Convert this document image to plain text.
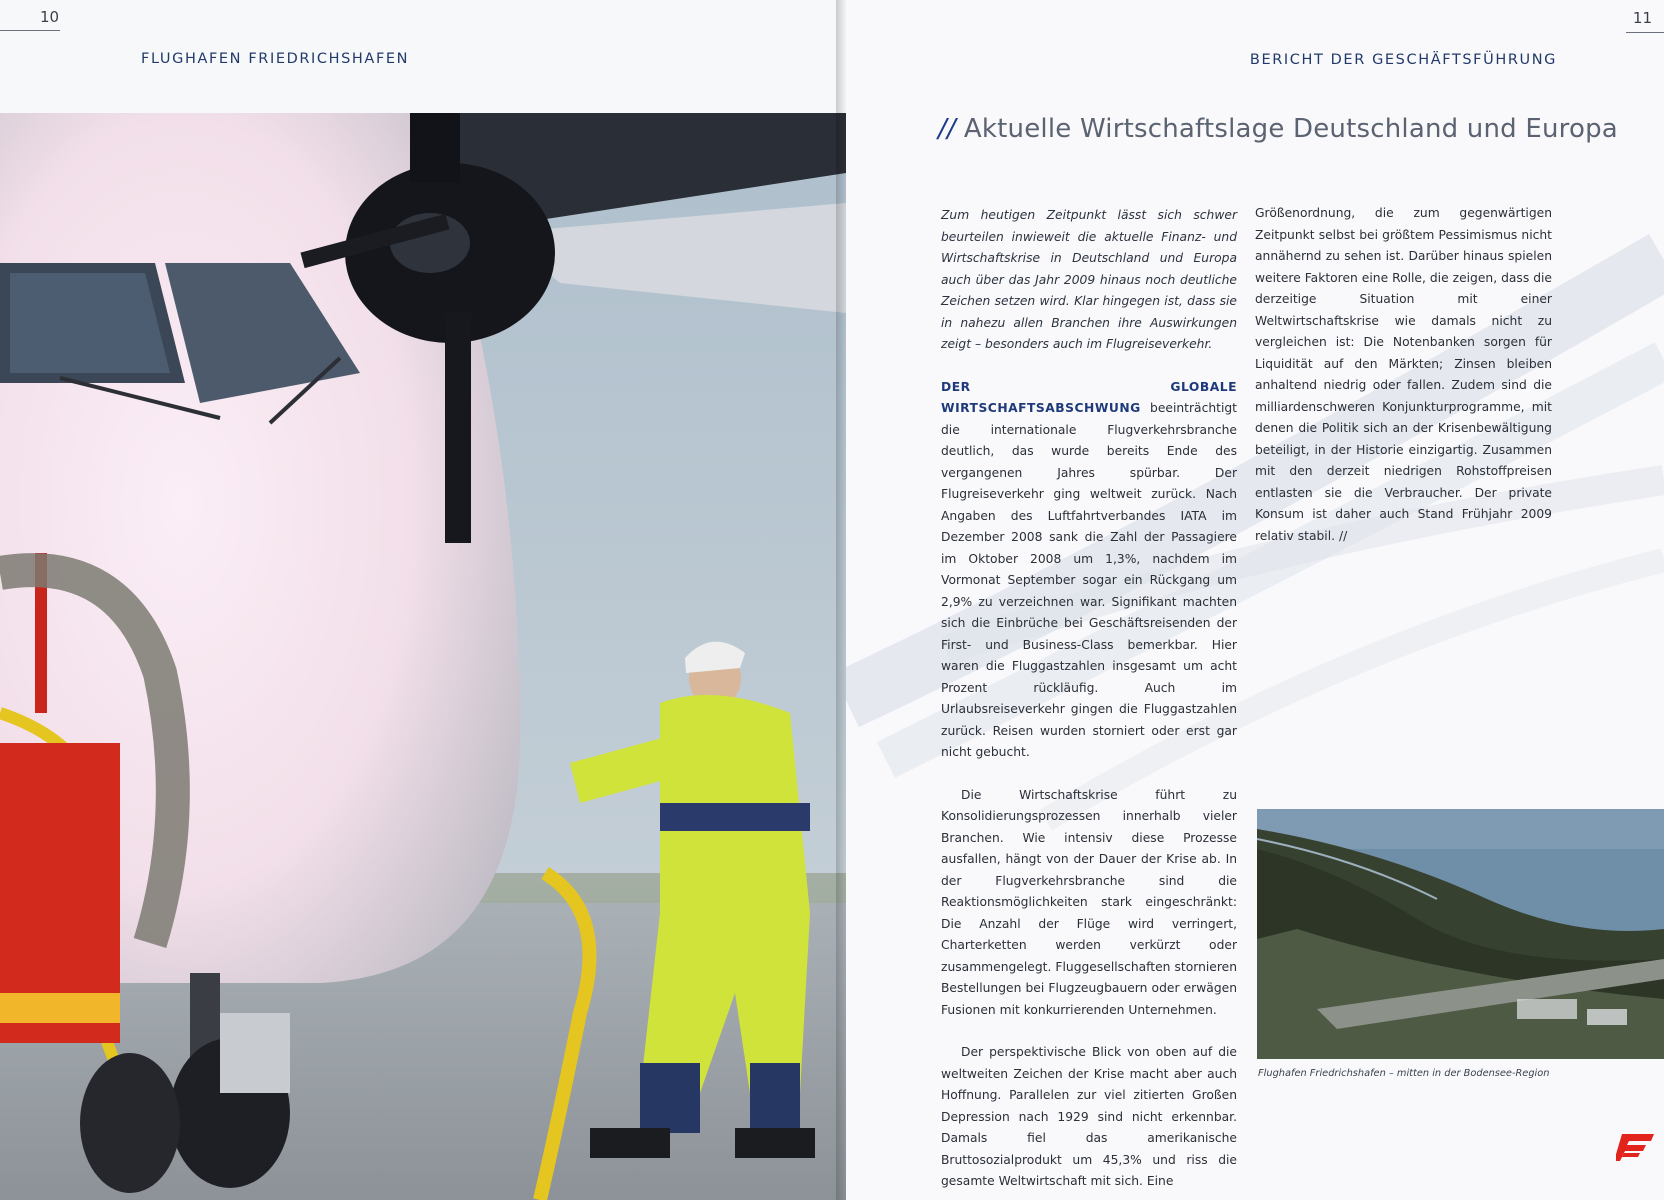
10
FLUGHAFEN FRIEDRICHSHAFEN
11
BERICHT DER GESCHÄFTSFÜHRUNG
// Aktuelle Wirtschaftslage Deutschland und Europa

Zum heutigen Zeitpunkt lässt sich schwer beurteilen inwieweit die aktuelle Finanz- und Wirtschaftskrise in Deutschland und Europa auch über das Jahr 2009 hinaus noch deutliche Zeichen setzen wird. Klar hingegen ist, dass sie in nahezu allen Branchen ihre Auswirkungen zeigt – besonders auch im Flugreiseverkehr.

DER GLOBALE WIRTSCHAFTSABSCHWUNG beeinträchtigt die internationale Flugverkehrsbranche deutlich, das wurde bereits Ende des vergangenen Jahres spürbar. Der Flugreiseverkehr ging weltweit zurück. Nach Angaben des Luftfahrtverbandes IATA im Dezember 2008 sank die Zahl der Passagiere im Oktober 2008 um 1,3%, nachdem im Vormonat September sogar ein Rückgang um 2,9% zu verzeichnen war. Signifikant machten sich die Einbrüche bei Geschäftsreisenden der First- und Business-Class bemerkbar. Hier waren die Fluggastzahlen insgesamt um acht Prozent rückläufig. Auch im Urlaubsreiseverkehr gingen die Fluggastzahlen zurück. Reisen wurden storniert oder erst gar nicht gebucht.

Die Wirtschaftskrise führt zu Konsolidierungsprozessen innerhalb vieler Branchen. Wie intensiv diese Prozesse ausfallen, hängt von der Dauer der Krise ab. In der Flugverkehrsbranche sind die Reaktionsmöglichkeiten stark eingeschränkt: Die Anzahl der Flüge wird verringert, Charterketten werden verkürzt oder zusammengelegt. Fluggesellschaften stornieren Bestellungen bei Flugzeugbauern oder erwägen Fusionen mit konkurrierenden Unternehmen.

Der perspektivische Blick von oben auf die weltweiten Zeichen der Krise macht aber auch Hoffnung. Parallelen zur viel zitierten Großen Depression nach 1929 sind nicht erkennbar. Damals fiel das amerikanische Bruttosozialprodukt um 45,3% und riss die gesamte Weltwirtschaft mit sich. Eine

Größenordnung, die zum gegenwärtigen Zeitpunkt selbst bei größtem Pessimismus nicht annähernd zu sehen ist. Darüber hinaus spielen weitere Faktoren eine Rolle, die zeigen, dass die derzeitige Situation mit einer Weltwirtschaftskrise wie damals nicht zu vergleichen ist: Die Notenbanken sorgen für Liquidität auf den Märkten; Zinsen bleiben anhaltend niedrig oder fallen. Zudem sind die milliardenschweren Konjunkturprogramme, mit denen die Politik sich an der Krisenbewältigung beteiligt, in der Historie einzigartig. Zusammen mit den derzeit niedrigen Rohstoffpreisen entlasten sie die Verbraucher. Der private Konsum ist daher auch Stand Frühjahr 2009 relativ stabil. //

Flughafen Friedrichshafen – mitten in der Bodensee-Region
